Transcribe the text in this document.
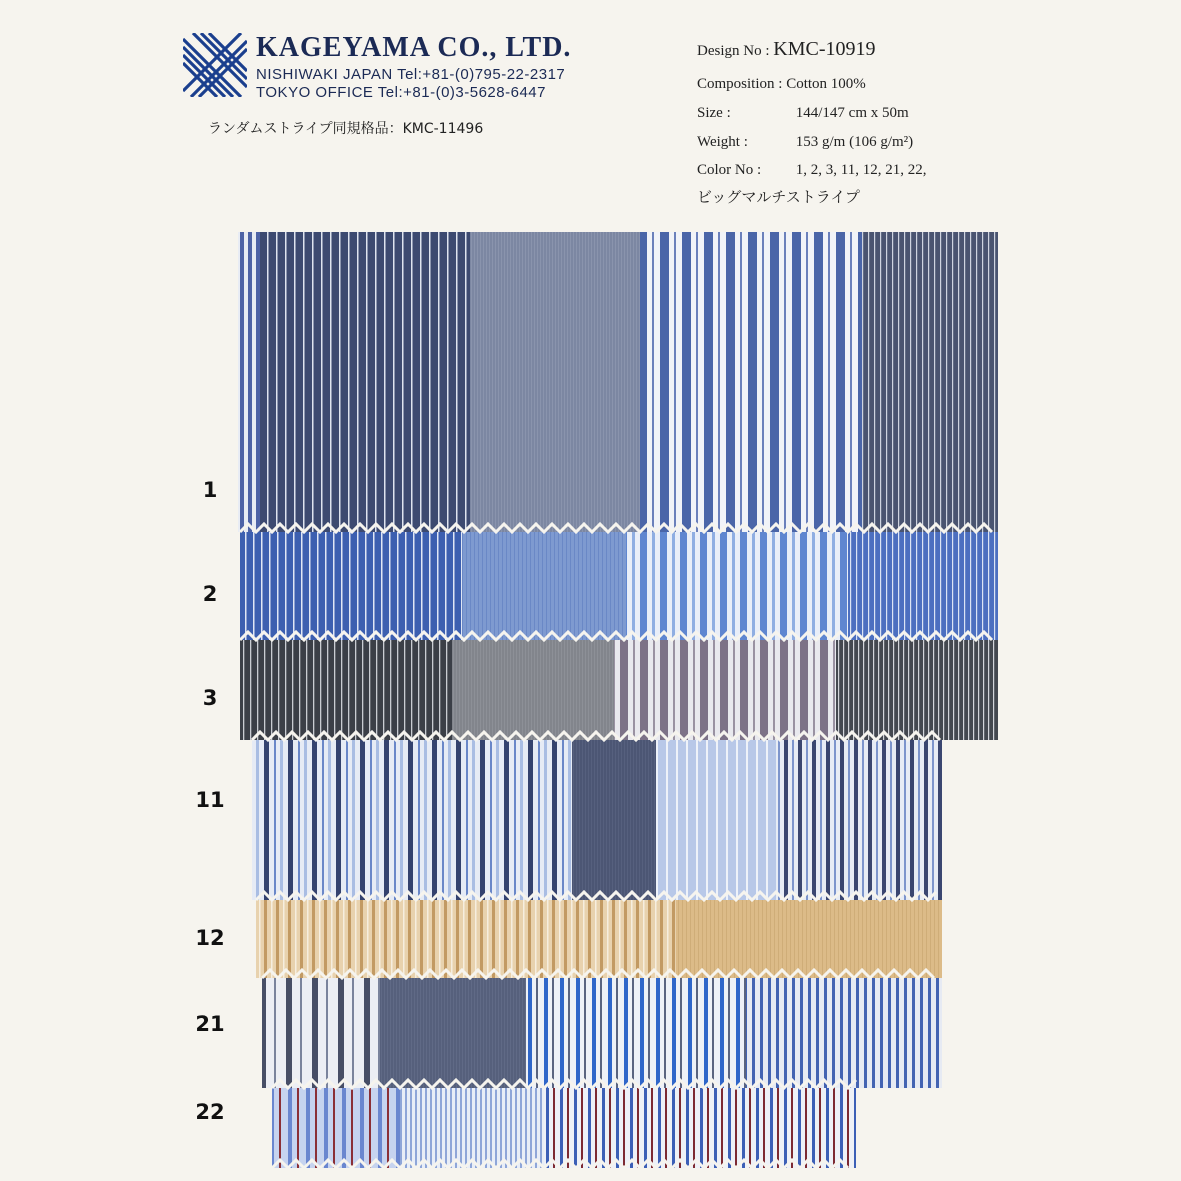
KAGEYAMA CO., LTD.
NISHIWAKI JAPAN Tel:+81-(0)795-22-2317
TOKYO OFFICE Tel:+81-(0)3-5628-6447
ランダムストライプ同規格品：KMC-11496
Design No : KMC-10919
Composition : Cotton 100%
Size :	144/147 cm x 50m
Weight :	153 g/m (106 g/m²)
Color No : 1, 2, 3, 11, 12, 21, 22,
ビッグマルチストライプ
1
2
3
11
12
21
22
